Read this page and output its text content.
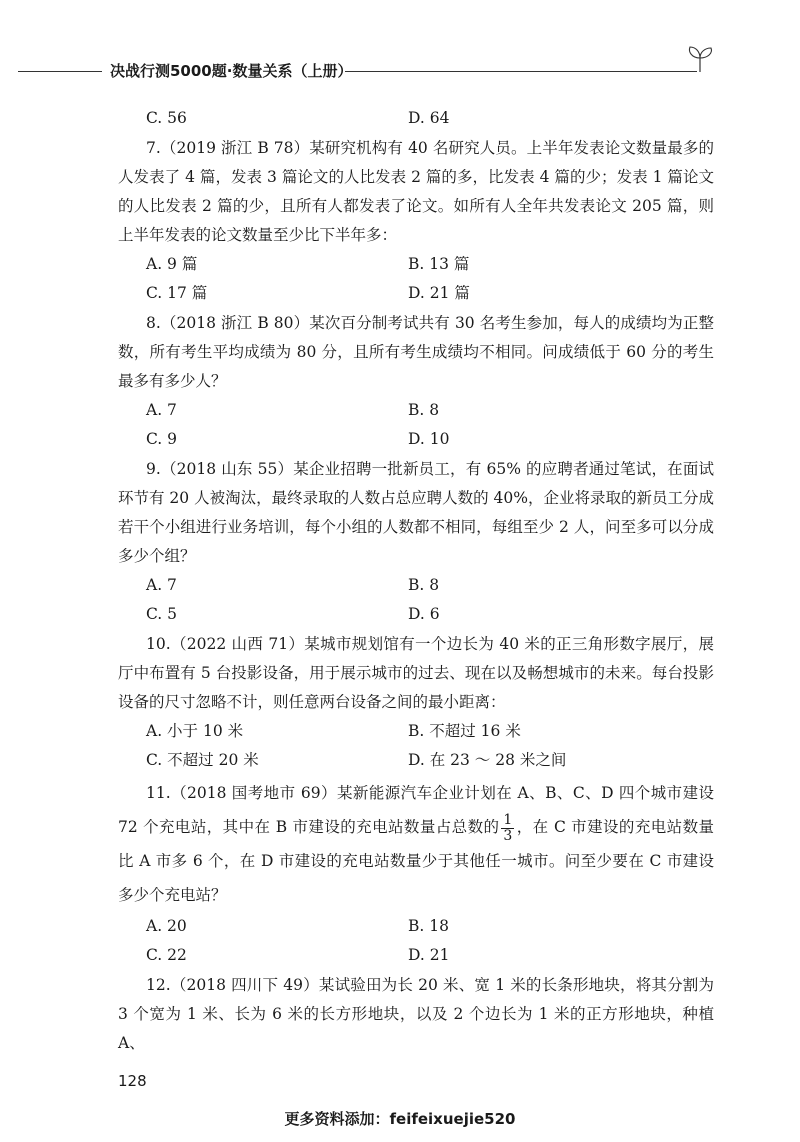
决战行测5000题·数量关系（上册）
C. 56	D. 64
7.（2019 浙江 B 78）某研究机构有 40 名研究人员。上半年发表论文数量最多的人发表了 4 篇，发表 3 篇论文的人比发表 2 篇的多，比发表 4 篇的少；发表 1 篇论文的人比发表 2 篇的少，且所有人都发表了论文。如所有人全年共发表论文 205 篇，则上半年发表的论文数量至少比下半年多：
A. 9 篇	B. 13 篇
C. 17 篇	D. 21 篇
8.（2018 浙江 B 80）某次百分制考试共有 30 名考生参加，每人的成绩均为正整数，所有考生平均成绩为 80 分，且所有考生成绩均不相同。问成绩低于 60 分的考生最多有多少人？
A. 7	B. 8
C. 9	D. 10
9.（2018 山东 55）某企业招聘一批新员工，有 65% 的应聘者通过笔试，在面试环节有 20 人被淘汰，最终录取的人数占总应聘人数的 40%，企业将录取的新员工分成若干个小组进行业务培训，每个小组的人数都不相同，每组至少 2 人，问至多可以分成多少个组？
A. 7	B. 8
C. 5	D. 6
10.（2022 山西 71）某城市规划馆有一个边长为 40 米的正三角形数字展厅，展厅中布置有 5 台投影设备，用于展示城市的过去、现在以及畅想城市的未来。每台投影设备的尺寸忽略不计，则任意两台设备之间的最小距离：
A. 小于 10 米	B. 不超过 16 米
C. 不超过 20 米	D. 在 23 ～ 28 米之间
11.（2018 国考地市 69）某新能源汽车企业计划在 A、B、C、D 四个城市建设 72 个充电站，其中在 B 市建设的充电站数量占总数的 $\frac{1}{3}$ ，在 C 市建设的充电站数量比 A 市多 6 个，在 D 市建设的充电站数量少于其他任一城市。问至少要在 C 市建设多少个充电站？
A. 20	B. 18
C. 22	D. 21
12.（2018 四川下 49）某试验田为长 20 米、宽 1 米的长条形地块，将其分割为 3 个宽为 1 米、长为 6 米的长方形地块，以及 2 个边长为 1 米的正方形地块，种植 A、
128
更多资料添加：feifeixuejie520
